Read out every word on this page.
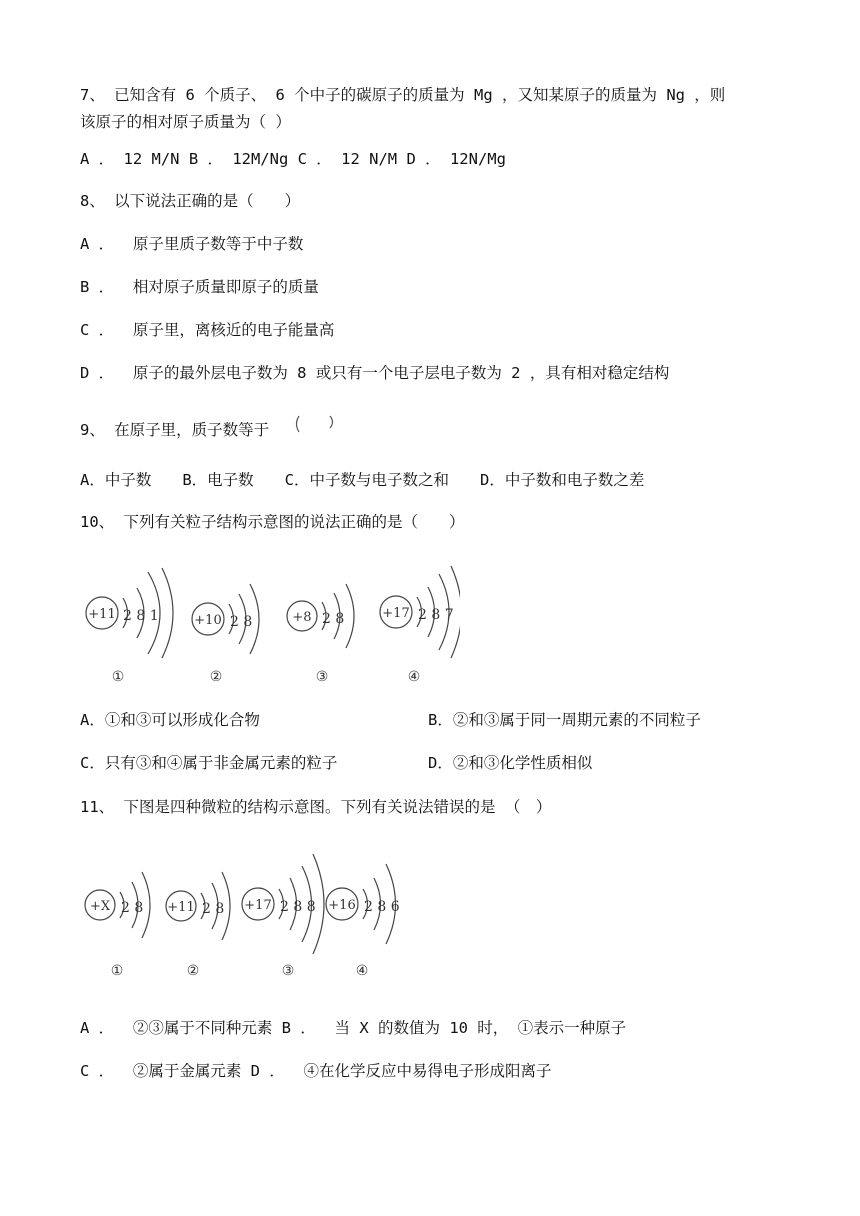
7、 已知含有 6 个质子、 6 个中子的碳原子的质量为 Mg ，又知某原子的质量为 Ng ，则
该原子的相对原子质量为（ ）
A ． 12 M/N B ． 12M/Ng C ． 12 N/M D ． 12N/Mg
8、 以下说法正确的是（　　）
A ．  原子里质子数等于中子数
B ．  相对原子质量即原子的质量
C ．  原子里，离核近的电子能量高
D ．  原子的最外层电子数为 8 或只有一个电子层电子数为 2 ，具有相对稳定结构
9、 在原子里，质子数等于
A．中子数　　B．电子数　　C．中子数与电子数之和　　D．中子数和电子数之差
10、 下列有关粒子结构示意图的说法正确的是（　　）
+11 2 8 1	+10 2 8	+8 2 8	+17 2 8 7
①	②	③	④
A．①和③可以形成化合物	B．②和③属于同一周期元素的不同粒子
C．只有③和④属于非金属元素的粒子	D．②和③化学性质相似
11、 下图是四种微粒的结构示意图。下列有关说法错误的是 （　）
+X 2 8 +11 2 8 +17 2 8 8 +16 2 8 6
①	②	③	④
A ．  ②③属于不同种元素 B ．  当 X 的数值为 10 时， ①表示一种原子
C ．  ②属于金属元素 D ．  ④在化学反应中易得电子形成阳离子
